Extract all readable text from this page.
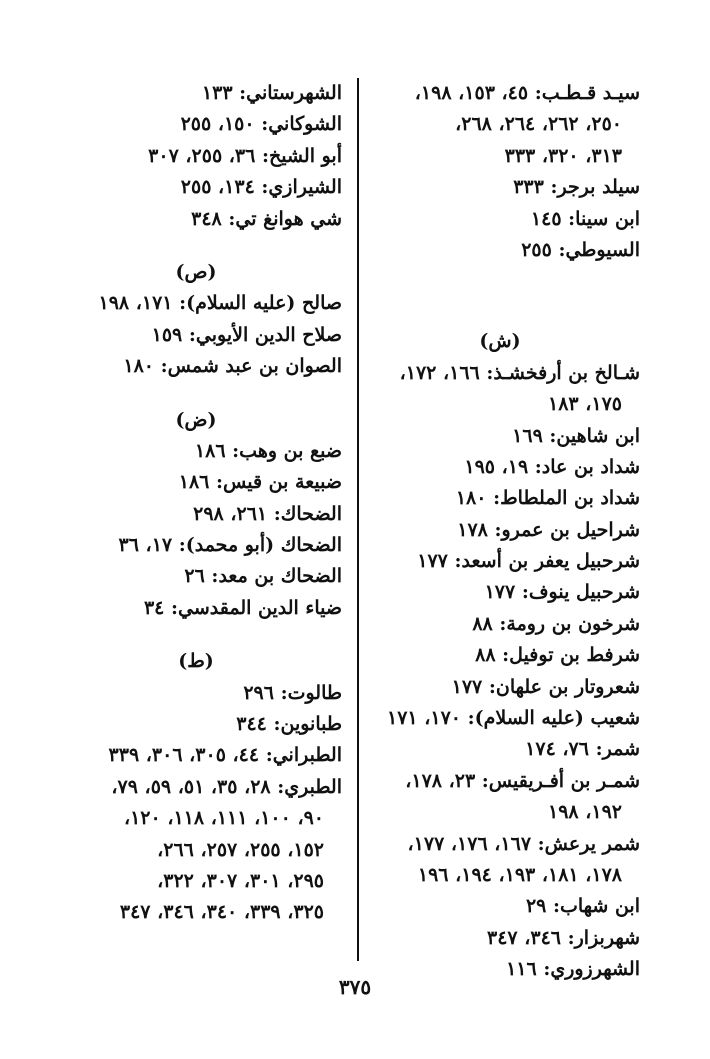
سيـد قـطـب: ٤٥، ١٥٣، ١٩٨،
٢٥٠، ٢٦٢، ٢٦٤، ٢٦٨،
٣١٣، ٣٢٠، ٣٣٣
سيلد برجر: ٣٣٣
ابن سينا: ١٤٥
السيوطي: ٢٥٥
(ش)
شـالخ بن أرفخشـذ: ١٦٦، ١٧٢،
١٧٥، ١٨٣
ابن شاهين: ١٦٩
شداد بن عاد: ١٩، ١٩٥
شداد بن الملطاط: ١٨٠
شراحيل بن عمرو: ١٧٨
شرحبيل يعفر بن أسعد: ١٧٧
شرحبيل ينوف: ١٧٧
شرخون بن رومة: ٨٨
شرفط بن توفيل: ٨٨
شعروتار بن علهان: ١٧٧
شعيب (عليه السلام): ١٧٠، ١٧١
شمر: ٧٦، ١٧٤
شمـر بن أفـريقيس: ٢٣، ١٧٨،
١٩٢، ١٩٨
شمر يرعش: ١٦٧، ١٧٦، ١٧٧،
١٧٨، ١٨١، ١٩٣، ١٩٤، ١٩٦
ابن شهاب: ٢٩
شهربزار: ٣٤٦، ٣٤٧
الشهرزوري: ١١٦
الشهرستاني: ١٣٣
الشوكاني: ١٥٠، ٢٥٥
أبو الشيخ: ٣٦، ٢٥٥، ٣٠٧
الشيرازي: ١٣٤، ٢٥٥
شي هوانغ تي: ٣٤٨
(ص)
صالح (عليه السلام): ١٧١، ١٩٨
صلاح الدين الأيوبي: ١٥٩
الصوان بن عبد شمس: ١٨٠
(ض)
ضبع بن وهب: ١٨٦
ضبيعة بن قيس: ١٨٦
الضحاك: ٢٦١، ٢٩٨
الضحاك (أبو محمد): ١٧، ٣٦
الضحاك بن معد: ٢٦
ضياء الدين المقدسي: ٣٤
(ط)
طالوت: ٢٩٦
طبانوين: ٣٤٤
الطبراني: ٤٤، ٣٠٥، ٣٠٦، ٣٣٩
الطبري: ٢٨، ٣٥، ٥١، ٥٩، ٧٩،
٩٠، ١٠٠، ١١١، ١١٨، ١٢٠،
١٥٢، ٢٥٥، ٢٥٧، ٢٦٦،
٢٩٥، ٣٠١، ٣٠٧، ٣٢٢،
٣٢٥، ٣٣٩، ٣٤٠، ٣٤٦، ٣٤٧
٣٧٥
